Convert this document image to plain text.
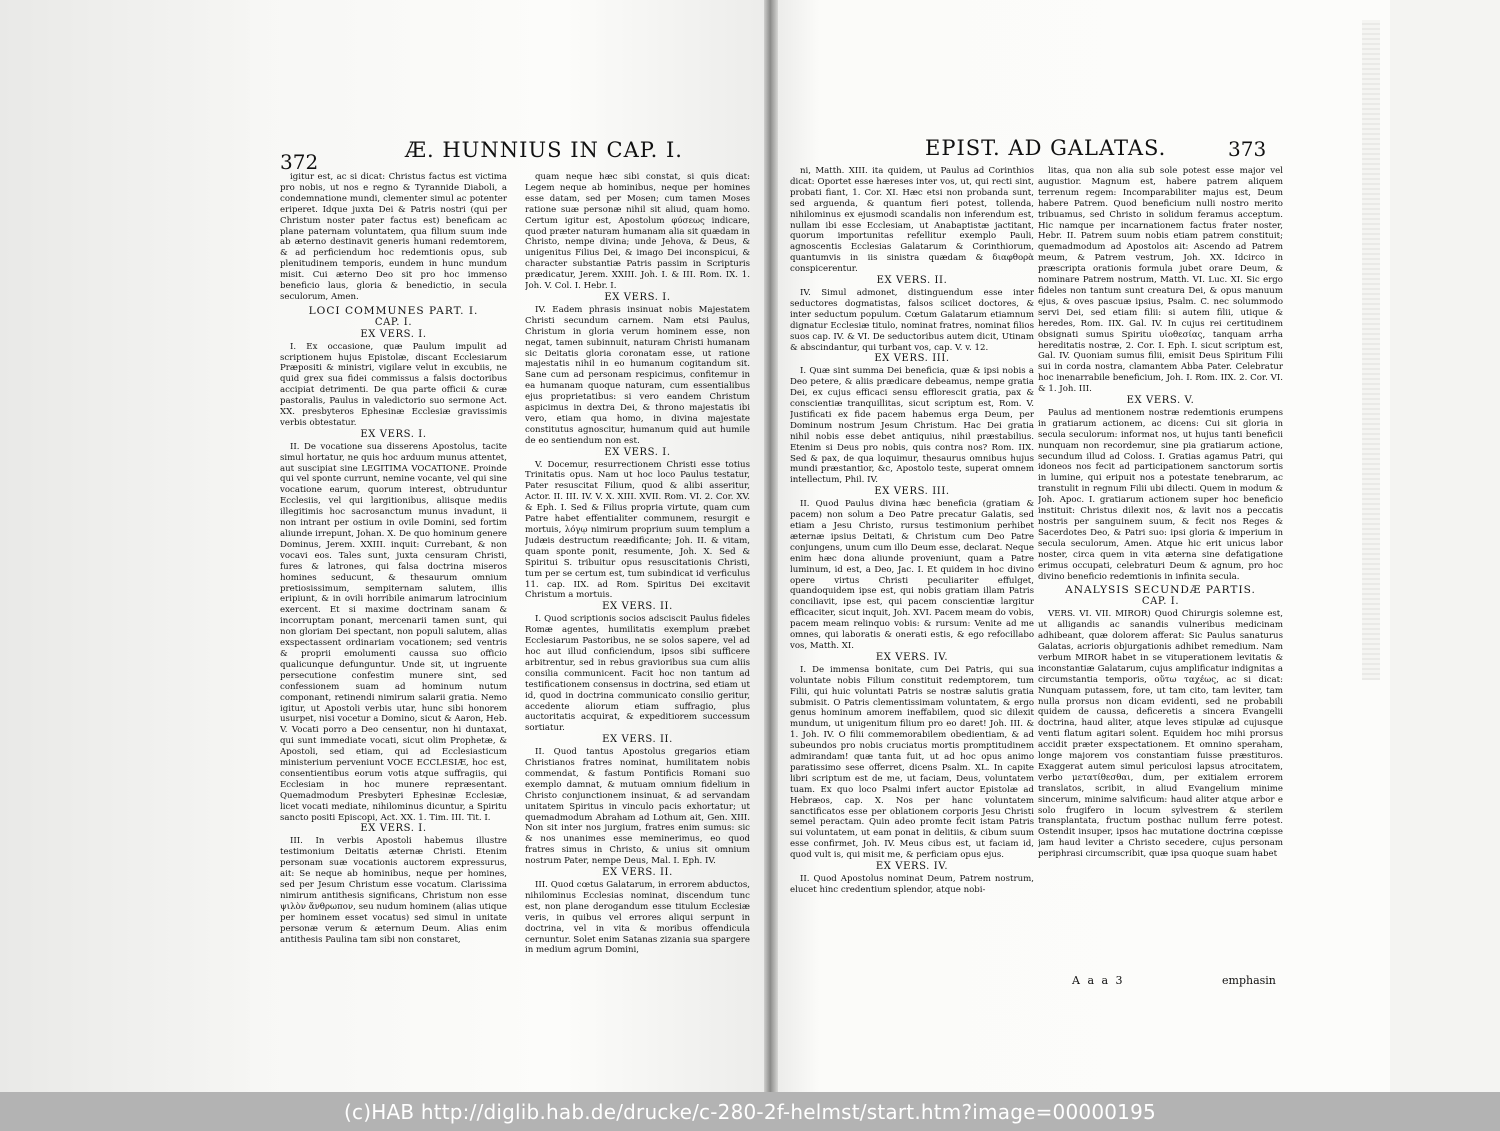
372	Æ. HUNNIUS IN CAP. I.	EPIST. AD GALATAS.	373

igitur est, ac si dicat: Christus factus est victima pro nobis, ut nos e regno & Tyrannide Diaboli, a condemnatione mundi, clementer simul ac potenter eriperet. Idque juxta Dei & Patris nostri (qui per Christum noster pater factus est) beneficam ac plane paternam voluntatem, qua filium suum inde ab æterno destinavit generis humani redemtorem, & ad perficiendum hoc redemtionis opus, sub plenitudinem temporis, eundem in hunc mundum misit. Cui æterno Deo sit pro hoc immenso beneficio laus, gloria & benedictio, in secula seculorum, Amen.

LOCI COMMUNES PART. I.

CAP. I.

EX VERS. I.

I. Ex occasione, quæ Paulum impulit ad scriptionem hujus Epistolæ, discant Ecclesiarum Præpositi & ministri, vigilare velut in excubiis, ne quid grex sua fidei commissus a falsis doctoribus accipiat detrimenti. De qua parte officii & curæ pastoralis, Paulus in valedictorio suo sermone Act. XX. presbyteros Ephesinæ Ecclesiæ gravissimis verbis obtestatur.

EX VERS. I.

II. De vocatione sua disserens Apostolus, tacite simul hortatur, ne quis hoc arduum munus attentet, aut suscipiat sine LEGITIMA VOCATIONE. Proinde qui vel sponte currunt, nemine vocante, vel qui sine vocatione earum, quorum interest, obtruduntur Ecclesiis, vel qui largitionibus, aliisque mediis illegitimis hoc sacrosanctum munus invadunt, ii non intrant per ostium in ovile Domini, sed fortim aliunde irrepunt, Johan. X. De quo hominum genere Dominus, Jerem. XXIII. inquit: Currebant, & non vocavi eos. Tales sunt, juxta censuram Christi, fures & latrones, qui falsa doctrina miseros homines seducunt, & thesaurum omnium pretiosissimum, sempiternam salutem, illis eripiunt, & in ovili horribile animarum latrocinium exercent. Et si maxime doctrinam sanam & incorruptam ponant, mercenarii tamen sunt, qui non gloriam Dei spectant, non populi salutem, alias exspectassent ordinariam vocationem; sed ventris & proprii emolumenti caussa suo officio qualicunque defunguntur. Unde sit, ut ingruente persecutione confestim munere sint, sed confessionem suam ad hominum nutum componant, retinendi nimirum salarii gratia. Nemo igitur, ut Apostoli verbis utar, hunc sibi honorem usurpet, nisi vocetur a Domino, sicut & Aaron, Heb. V. Vocati porro a Deo censentur, non hi duntaxat, qui sunt immediate vocati, sicut olim Prophetæ, & Apostoli, sed etiam, qui ad Ecclesiasticum ministerium perveniunt VOCE ECCLESIÆ, hoc est, consentientibus eorum votis atque suffragiis, qui Ecclesiam in hoc munere repræsentant. Quemadmodum Presbyteri Ephesinæ Ecclesiæ, licet vocati mediate, nihilominus dicuntur, a Spiritu sancto positi Episcopi, Act. XX. 1. Tim. III. Tit. I.

EX VERS. I.

III. In verbis Apostoli habemus illustre testimonium Deitatis æternæ Christi. Etenim personam suæ vocationis auctorem expressurus, ait: Se neque ab hominibus, neque per homines, sed per Jesum Christum esse vocatum. Clarissima nimirum antithesis significans, Christum non esse ψιλὸν ἄνθρωπον, seu nudum hominem (alias utique per hominem esset vocatus) sed simul in unitate personæ verum & æternum Deum. Alias enim antithesis Paulina tam sibi non constaret,

quam neque hæc sibi constat, si quis dicat: Legem neque ab hominibus, neque per homines esse datam, sed per Mosen; cum tamen Moses ratione suæ personæ nihil sit aliud, quam homo. Certum igitur est, Apostolum φύσεως indicare, quod præter naturam humanam alia sit quædam in Christo, nempe divina; unde Jehova, & Deus, & unigenitus Filius Dei, & imago Dei inconspicui, & character substantiæ Patris passim in Scripturis prædicatur, Jerem. XXIII. Joh. I. & III. Rom. IX. 1. Joh. V. Col. I. Hebr. I.

EX VERS. I.

IV. Eadem phrasis insinuat nobis Majestatem Christi secundum carnem. Nam etsi Paulus, Christum in gloria verum hominem esse, non negat, tamen subinnuit, naturam Christi humanam sic Deitatis gloria coronatam esse, ut ratione majestatis nihil in eo humanum cogitandum sit. Sane cum ad personam respicimus, confitemur in ea humanam quoque naturam, cum essentialibus ejus proprietatibus: si vero eandem Christum aspicimus in dextra Dei, & throno majestatis ibi vero, etiam qua homo, in divina majestate constitutus agnoscitur, humanum quid aut humile de eo sentiendum non est.

EX VERS. I.

V. Docemur, resurrectionem Christi esse totius Trinitatis opus. Nam ut hoc loco Paulus testatur, Pater resuscitat Filium, quod & alibi asseritur, Actor. II. III. IV. V. X. XIII. XVII. Rom. VI. 2. Cor. XV. & Eph. I. Sed & Filius propria virtute, quam cum Patre habet effentialiter communem, resurgit e mortuis, λόγῳ nimirum proprium suum templum a Judæis destructum reædificante; Joh. II. & vitam, quam sponte ponit, resumente, Joh. X. Sed & Spiritui S. tribuitur opus resuscitationis Christi, tum per se certum est, tum subindicat id verficulus 11. cap. IIX. ad Rom. Spiritus Dei excitavit Christum a mortuis.

EX VERS. II.

I. Quod scriptionis socios adsciscit Paulus fideles Romæ agentes, humilitatis exemplum præbet Ecclesiarum Pastoribus, ne se solos sapere, vel ad hoc aut illud conficiendum, ipsos sibi sufficere arbitrentur, sed in rebus gravioribus sua cum aliis consilia communicent. Facit hoc non tantum ad testificationem consensus in doctrina, sed etiam ut id, quod in doctrina communicato consilio geritur, accedente aliorum etiam suffragio, plus auctoritatis acquirat, & expeditiorem successum sortiatur.

EX VERS. II.

II. Quod tantus Apostolus gregarios etiam Christianos fratres nominat, humilitatem nobis commendat, & fastum Pontificis Romani suo exemplo damnat, & mutuam omnium fidelium in Christo conjunctionem insinuat, & ad servandam unitatem Spiritus in vinculo pacis exhortatur; ut quemadmodum Abraham ad Lothum ait, Gen. XIII. Non sit inter nos jurgium, fratres enim sumus: sic & nos unanimes esse meminerimus, eo quod fratres simus in Christo, & unius sit omnium nostrum Pater, nempe Deus, Mal. I. Eph. IV.

EX VERS. II.

III. Quod cœtus Galatarum, in errorem abductos, nihilominus Ecclesias nominat, discendum tunc est, non plane derogandum esse titulum Ecclesiæ veris, in quibus vel errores aliqui serpunt in doctrina, vel in vita & moribus offendicula cernuntur. Solet enim Satanas zizania sua spargere in medium agrum Domini,

ni, Matth. XIII. ita quidem, ut Paulus ad Corinthios dicat: Oportet esse hæreses inter vos, ut, qui recti sint, probati fiant, 1. Cor. XI. Hæc etsi non probanda sunt, sed arguenda, & quantum fieri potest, tollenda, nihilominus ex ejusmodi scandalis non inferendum est, nullam ibi esse Ecclesiam, ut Anabaptistæ jactitant, quorum importunitas refellitur exemplo Pauli, agnoscentis Ecclesias Galatarum & Corinthiorum, quantumvis in iis sinistra quædam & διαφθορὰ conspicerentur.

EX VERS. II.

IV. Simul admonet, distinguendum esse inter seductores dogmatistas, falsos scilicet doctores, & inter seductum populum. Cœtum Galatarum etiamnum dignatur Ecclesiæ titulo, nominat fratres, nominat filios suos cap. IV. & VI. De seductoribus autem dicit, Utinam & abscindantur, qui turbant vos, cap. V. v. 12.

EX VERS. III.

I. Quæ sint summa Dei beneficia, quæ & ipsi nobis a Deo petere, & aliis prædicare debeamus, nempe gratia Dei, ex cujus efficaci sensu efflorescit gratia, pax & conscientiæ tranquillitas, sicut scriptum est, Rom. V. Justificati ex fide pacem habemus erga Deum, per Dominum nostrum Jesum Christum. Hac Dei gratia nihil nobis esse debet antiquius, nihil præstabilius. Etenim si Deus pro nobis, quis contra nos? Rom. IIX. Sed & pax, de qua loquimur, thesaurus omnibus hujus mundi præstantior, &c, Apostolo teste, superat omnem intellectum, Phil. IV.

EX VERS. III.

II. Quod Paulus divina hæc beneficia (gratiam & pacem) non solum a Deo Patre precatur Galatis, sed etiam a Jesu Christo, rursus testimonium perhibet æternæ ipsius Deitati, & Christum cum Deo Patre conjungens, unum cum illo Deum esse, declarat. Neque enim hæc dona aliunde proveniunt, quam a Patre luminum, id est, a Deo, Jac. I. Et quidem in hoc divino opere virtus Christi peculiariter effulget, quandoquidem ipse est, qui nobis gratiam illam Patris conciliavit, ipse est, qui pacem conscientiæ largitur efficaciter, sicut inquit, Joh. XVI. Pacem meam do vobis, pacem meam relinquo vobis: & rursum: Venite ad me omnes, qui laboratis & onerati estis, & ego refocillabo vos, Matth. XI.

EX VERS. IV.

I. De immensa bonitate, cum Dei Patris, qui sua voluntate nobis Filium constituit redemptorem, tum Filii, qui huic voluntati Patris se nostræ salutis gratia submisit. O Patris clementissimam voluntatem, & ergo genus hominum amorem ineffabilem, quod sic dilexit mundum, ut unigenitum filium pro eo daret! Joh. III. & 1. Joh. IV. O filii commemorabilem obedientiam, & ad subeundos pro nobis cruciatus mortis promptitudinem admirandam! quæ tanta fuit, ut ad hoc opus animo paratissimo sese offerret, dicens Psalm. XL. In capite libri scriptum est de me, ut faciam, Deus, voluntatem tuam. Ex quo loco Psalmi infert auctor Epistolæ ad Hebræos, cap. X. Nos per hanc voluntatem sanctificatos esse per oblationem corporis Jesu Christi semel peractam. Quin adeo promte fecit istam Patris sui voluntatem, ut eam ponat in delitiis, & cibum suum esse confirmet, Joh. IV. Meus cibus est, ut faciam id, quod vult is, qui misit me, & perficiam opus ejus.

EX VERS. IV.

II. Quod Apostolus nominat Deum, Patrem nostrum, elucet hinc credentium splendor, atque nobi-

litas, qua non alia sub sole potest esse major vel augustior. Magnum est, habere patrem aliquem terrenum regem: Incomparabiliter majus est, Deum habere Patrem. Quod beneficium nulli nostro merito tribuamus, sed Christo in solidum feramus acceptum. Hic namque per incarnationem factus frater noster, Hebr. II. Patrem suum nobis etiam patrem constituit; quemadmodum ad Apostolos ait: Ascendo ad Patrem meum, & Patrem vestrum, Joh. XX. Idcirco in præscripta orationis formula jubet orare Deum, & nominare Patrem nostrum, Matth. VI. Luc. XI. Sic ergo fideles non tantum sunt creatura Dei, & opus manuum ejus, & oves pascuæ ipsius, Psalm. C. nec solummodo servi Dei, sed etiam filii: si autem filii, utique & heredes, Rom. IIX. Gal. IV. In cujus rei certitudinem obsignati sumus Spiritu υἱοθεσίας, tanquam arrha hereditatis nostræ, 2. Cor. I. Eph. I. sicut scriptum est, Gal. IV. Quoniam sumus filii, emisit Deus Spiritum Filii sui in corda nostra, clamantem Abba Pater. Celebratur hoc inenarrabile beneficium, Joh. I. Rom. IIX. 2. Cor. VI. & 1. Joh. III.

EX VERS. V.

Paulus ad mentionem nostræ redemtionis erumpens in gratiarum actionem, ac dicens: Cui sit gloria in secula seculorum: informat nos, ut hujus tanti beneficii nunquam non recordemur, sine pia gratiarum actione, secundum illud ad Coloss. I. Gratias agamus Patri, qui idoneos nos fecit ad participationem sanctorum sortis in lumine, qui eripuit nos a potestate tenebrarum, ac transtulit in regnum Filii ubi dilecti. Quem in modum & Joh. Apoc. I. gratiarum actionem super hoc beneficio instituit: Christus dilexit nos, & lavit nos a peccatis nostris per sanguinem suum, & fecit nos Reges & Sacerdotes Deo, & Patri suo: ipsi gloria & imperium in secula seculorum, Amen. Atque hic erit unicus labor noster, circa quem in vita æterna sine defatigatione erimus occupati, celebraturi Deum & agnum, pro hoc divino beneficio redemtionis in infinita secula.

ANALYSIS SECUNDÆ PARTIS.

CAP. I.

VERS. VI. VII. MIROR) Quod Chirurgis solemne est, ut alligandis ac sanandis vulneribus medicinam adhibeant, quæ dolorem afferat: Sic Paulus sanaturus Galatas, acrioris objurgationis adhibet remedium. Nam verbum MIROR habet in se vituperationem levitatis & inconstantiæ Galatarum, cujus amplificatur indignitas a circumstantia temporis, οὕτω ταχέως, ac si dicat: Nunquam putassem, fore, ut tam cito, tam leviter, tam nulla prorsus non dicam evidenti, sed ne probabili quidem de caussa, deficeretis a sincera Evangelii doctrina, haud aliter, atque leves stipulæ ad cujusque venti flatum agitari solent. Equidem hoc mihi prorsus accidit præter exspectationem. Et omnino speraham, longe majorem vos constantiam fuisse præstituros. Exaggerat autem simul periculosi lapsus atrocitatem, verbo μετατίθεσθαι, dum, per exitialem errorem translatos, scribit, in aliud Evangelium minime sincerum, minime salvificum: haud aliter atque arbor e solo frugifero in locum sylvestrem & sterilem transplantata, fructum posthac nullum ferre potest. Ostendit insuper, ipsos hac mutatione doctrina cœpisse jam haud leviter a Christo secedere, cujus personam periphrasi circumscribit, quæ ipsa quoque suam habet

A a a 3	emphasin
(c)HAB http://diglib.hab.de/drucke/c-280-2f-helmst/start.htm?image=00000195
